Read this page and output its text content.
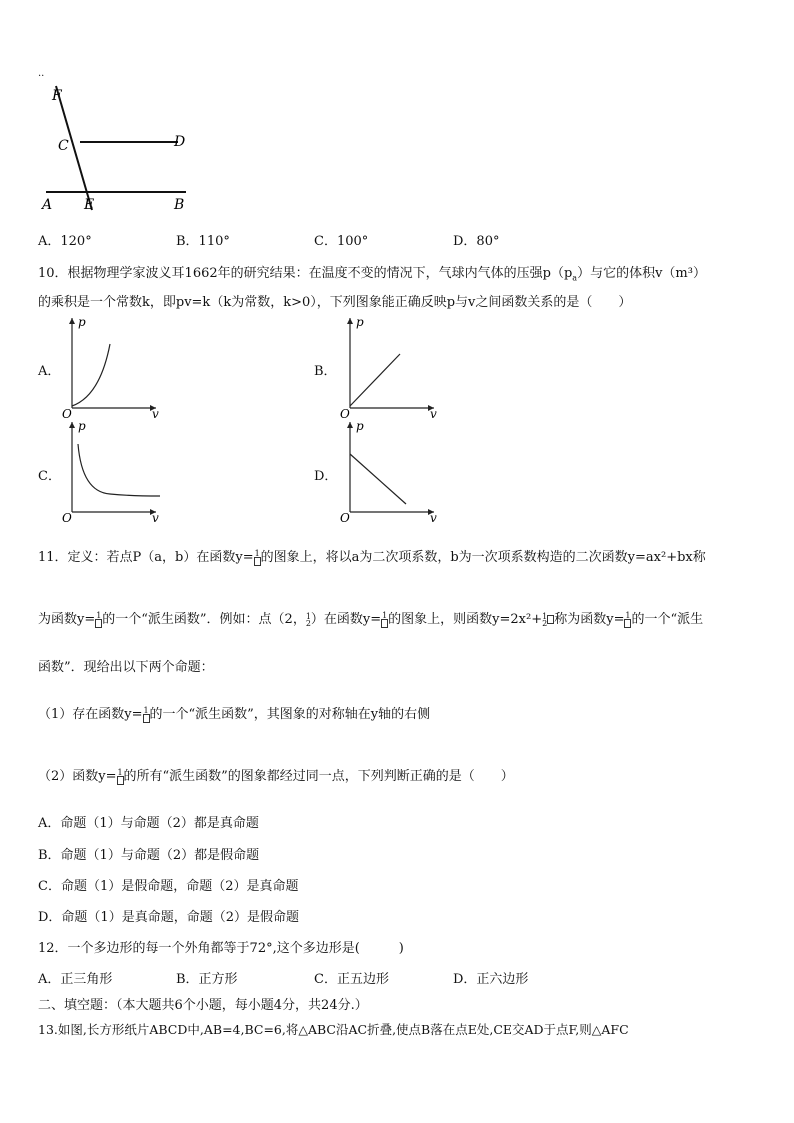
..
F
C	D
A E	B
A．120°	B．110°	C．100°	D．80°
10．根据物理学家波义耳1662年的研究结果：在温度不变的情况下，气球内气体的压强$p(p_a)$与它的体积v（m³）
的乘积是一个常数k，即pv=k（k为常数，k>0），下列图象能正确反映p与v之间函数关系的是（　　）
A．	B．
C．	D．
p
v
O
p
v
O
p
v
O
p
v
O
11．定义：若点P（a，b）在函数y=1
的图象上，将以a为二次项系数，b为一次项系数构造的二次函数y=ax²+bx称
为函数y=1
的一个“派生函数”．例如：点（2，1
2）在函数y=1
的图象上，则函数y=2x²+1
2 称为函数y=1
的一个“派生
函数”．现给出以下两个命题：
（1）存在函数y=1
的一个“派生函数”，其图象的对称轴在y轴的右侧
（2）函数y=1
的所有“派生函数”的图象都经过同一点，下列判断正确的是（　　）
A．命题（1）与命题（2）都是真命题
B．命题（1）与命题（2）都是假命题
C．命题（1）是假命题，命题（2）是真命题
D．命题（1）是真命题，命题（2）是假命题
12．一个多边形的每一个外角都等于72°,这个多边形是(　　　)
A．正三角形	B．正方形	C．正五边形	D．正六边形
二、填空题：（本大题共6个小题，每小题4分，共24分.）
13.如图,长方形纸片ABCD中,AB=4,BC=6,将△ABC沿AC折叠,使点B落在点E处,CE交AD于点F,则△AFC
